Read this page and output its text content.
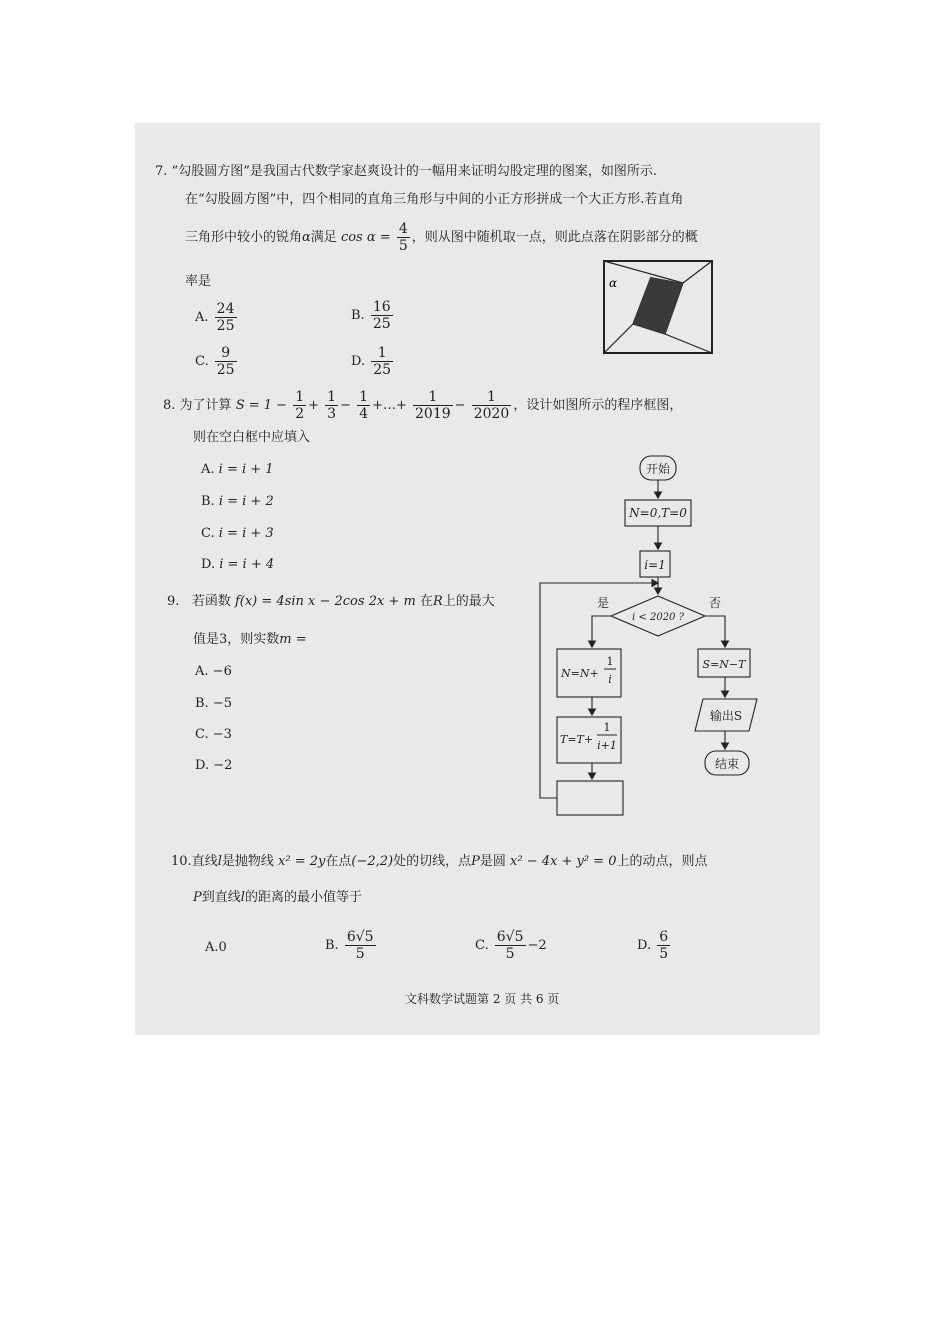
7. “勾股圆方图”是我国古代数学家赵爽设计的一幅用来证明勾股定理的图案，如图所示.
在“勾股圆方图”中，四个相同的直角三角形与中间的小正方形拼成一个大正方形.若直角
三角形中较小的锐角α满足 $\cos \alpha = \frac{4}{5}$ ，则从图中随机取一点，则此点落在阴影部分的概
率是
A. $\frac{24}{25}$	B. $\frac{16}{25}$
C. $\frac{9}{25}$	D. $\frac{1}{25}$
α
8. 为了计算 $S = 1 - \frac{1}{2} + \frac{1}{3} - \frac{1}{4}$ +…+ $\frac{1}{2019} - \frac{1}{2020}$ ，设计如图所示的程序框图，
则在空白框中应填入
A. i = i + 1
B. i = i + 2
C. i = i + 3
D. i = i + 4
9. 若函数 f(x) = 4sin x − 2cos 2x + m 在R上的最大
值是3，则实数m =
A. −6
B. −5
C. −3
D. −2
开始
N=0,T=0
i=1
i < 2020 ?
是	否
N=N+
1
i
T=T+
1
i+1
S=N−T
输出S
结束
10.直线l是抛物线 x² = 2y在点(−2,2)处的切线，点P是圆 x² − 4x + y² = 0上的动点，则点
P到直线l的距离的最小值等于
A.0	B. $\frac{6√5}{5}$	C. $\frac{6√5}{5} -2$	D. $\frac{6}{5}$
文科数学试题第 2 页 共 6 页
